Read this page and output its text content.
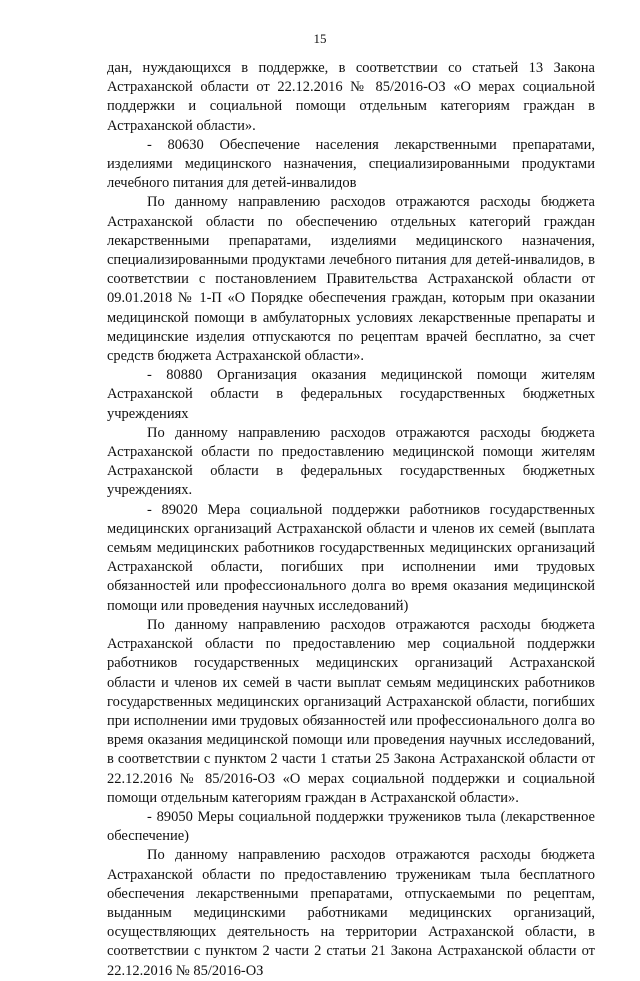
15

дан, нуждающихся в поддержке, в соответствии со статьей 13 Закона Астраханской области от 22.12.2016 № 85/2016-ОЗ «О мерах социальной поддержки и социальной помощи отдельным категориям граждан в Астраханской области».

- 80630 Обеспечение населения лекарственными препаратами, изделиями медицинского назначения, специализированными продуктами лечебного питания для детей-инвалидов

По данному направлению расходов отражаются расходы бюджета Астраханской области по обеспечению отдельных категорий граждан лекарственными препаратами, изделиями медицинского назначения, специализированными продуктами лечебного питания для детей-инвалидов, в соответствии с постановлением Правительства Астраханской области от 09.01.2018 № 1-П «О Порядке обеспечения граждан, которым при оказании медицинской помощи в амбулаторных условиях лекарственные препараты и медицинские изделия отпускаются по рецептам врачей бесплатно, за счет средств бюджета Астраханской области».

- 80880 Организация оказания медицинской помощи жителям Астраханской области в федеральных государственных бюджетных учреждениях

По данному направлению расходов отражаются расходы бюджета Астраханской области по предоставлению медицинской помощи жителям Астраханской области в федеральных государственных бюджетных учреждениях.

- 89020 Мера социальной поддержки работников государственных медицинских организаций Астраханской области и членов их семей (выплата семьям медицинских работников государственных медицинских организаций Астраханской области, погибших при исполнении ими трудовых обязанностей или профессионального долга во время оказания медицинской помощи или проведения научных исследований)

По данному направлению расходов отражаются расходы бюджета Астраханской области по предоставлению мер социальной поддержки работников государственных медицинских организаций Астраханской области и членов их семей в части выплат семьям медицинских работников государственных медицинских организаций Астраханской области, погибших при исполнении ими трудовых обязанностей или профессионального долга во время оказания медицинской помощи или проведения научных исследований, в соответствии с пунктом 2 части 1 статьи 25 Закона Астраханской области от 22.12.2016 № 85/2016-ОЗ «О мерах социальной поддержки и социальной помощи отдельным категориям граждан в Астраханской области».

- 89050 Меры социальной поддержки тружеников тыла (лекарственное обеспечение)

По данному направлению расходов отражаются расходы бюджета Астраханской области по предоставлению труженикам тыла бесплатного обеспечения лекарственными препаратами, отпускаемыми по рецептам, выданным медицинскими работниками медицинских организаций, осуществляющих деятельность на территории Астраханской области, в соответствии с пунктом 2 части 2 статьи 21 Закона Астраханской области от 22.12.2016 № 85/2016-ОЗ
